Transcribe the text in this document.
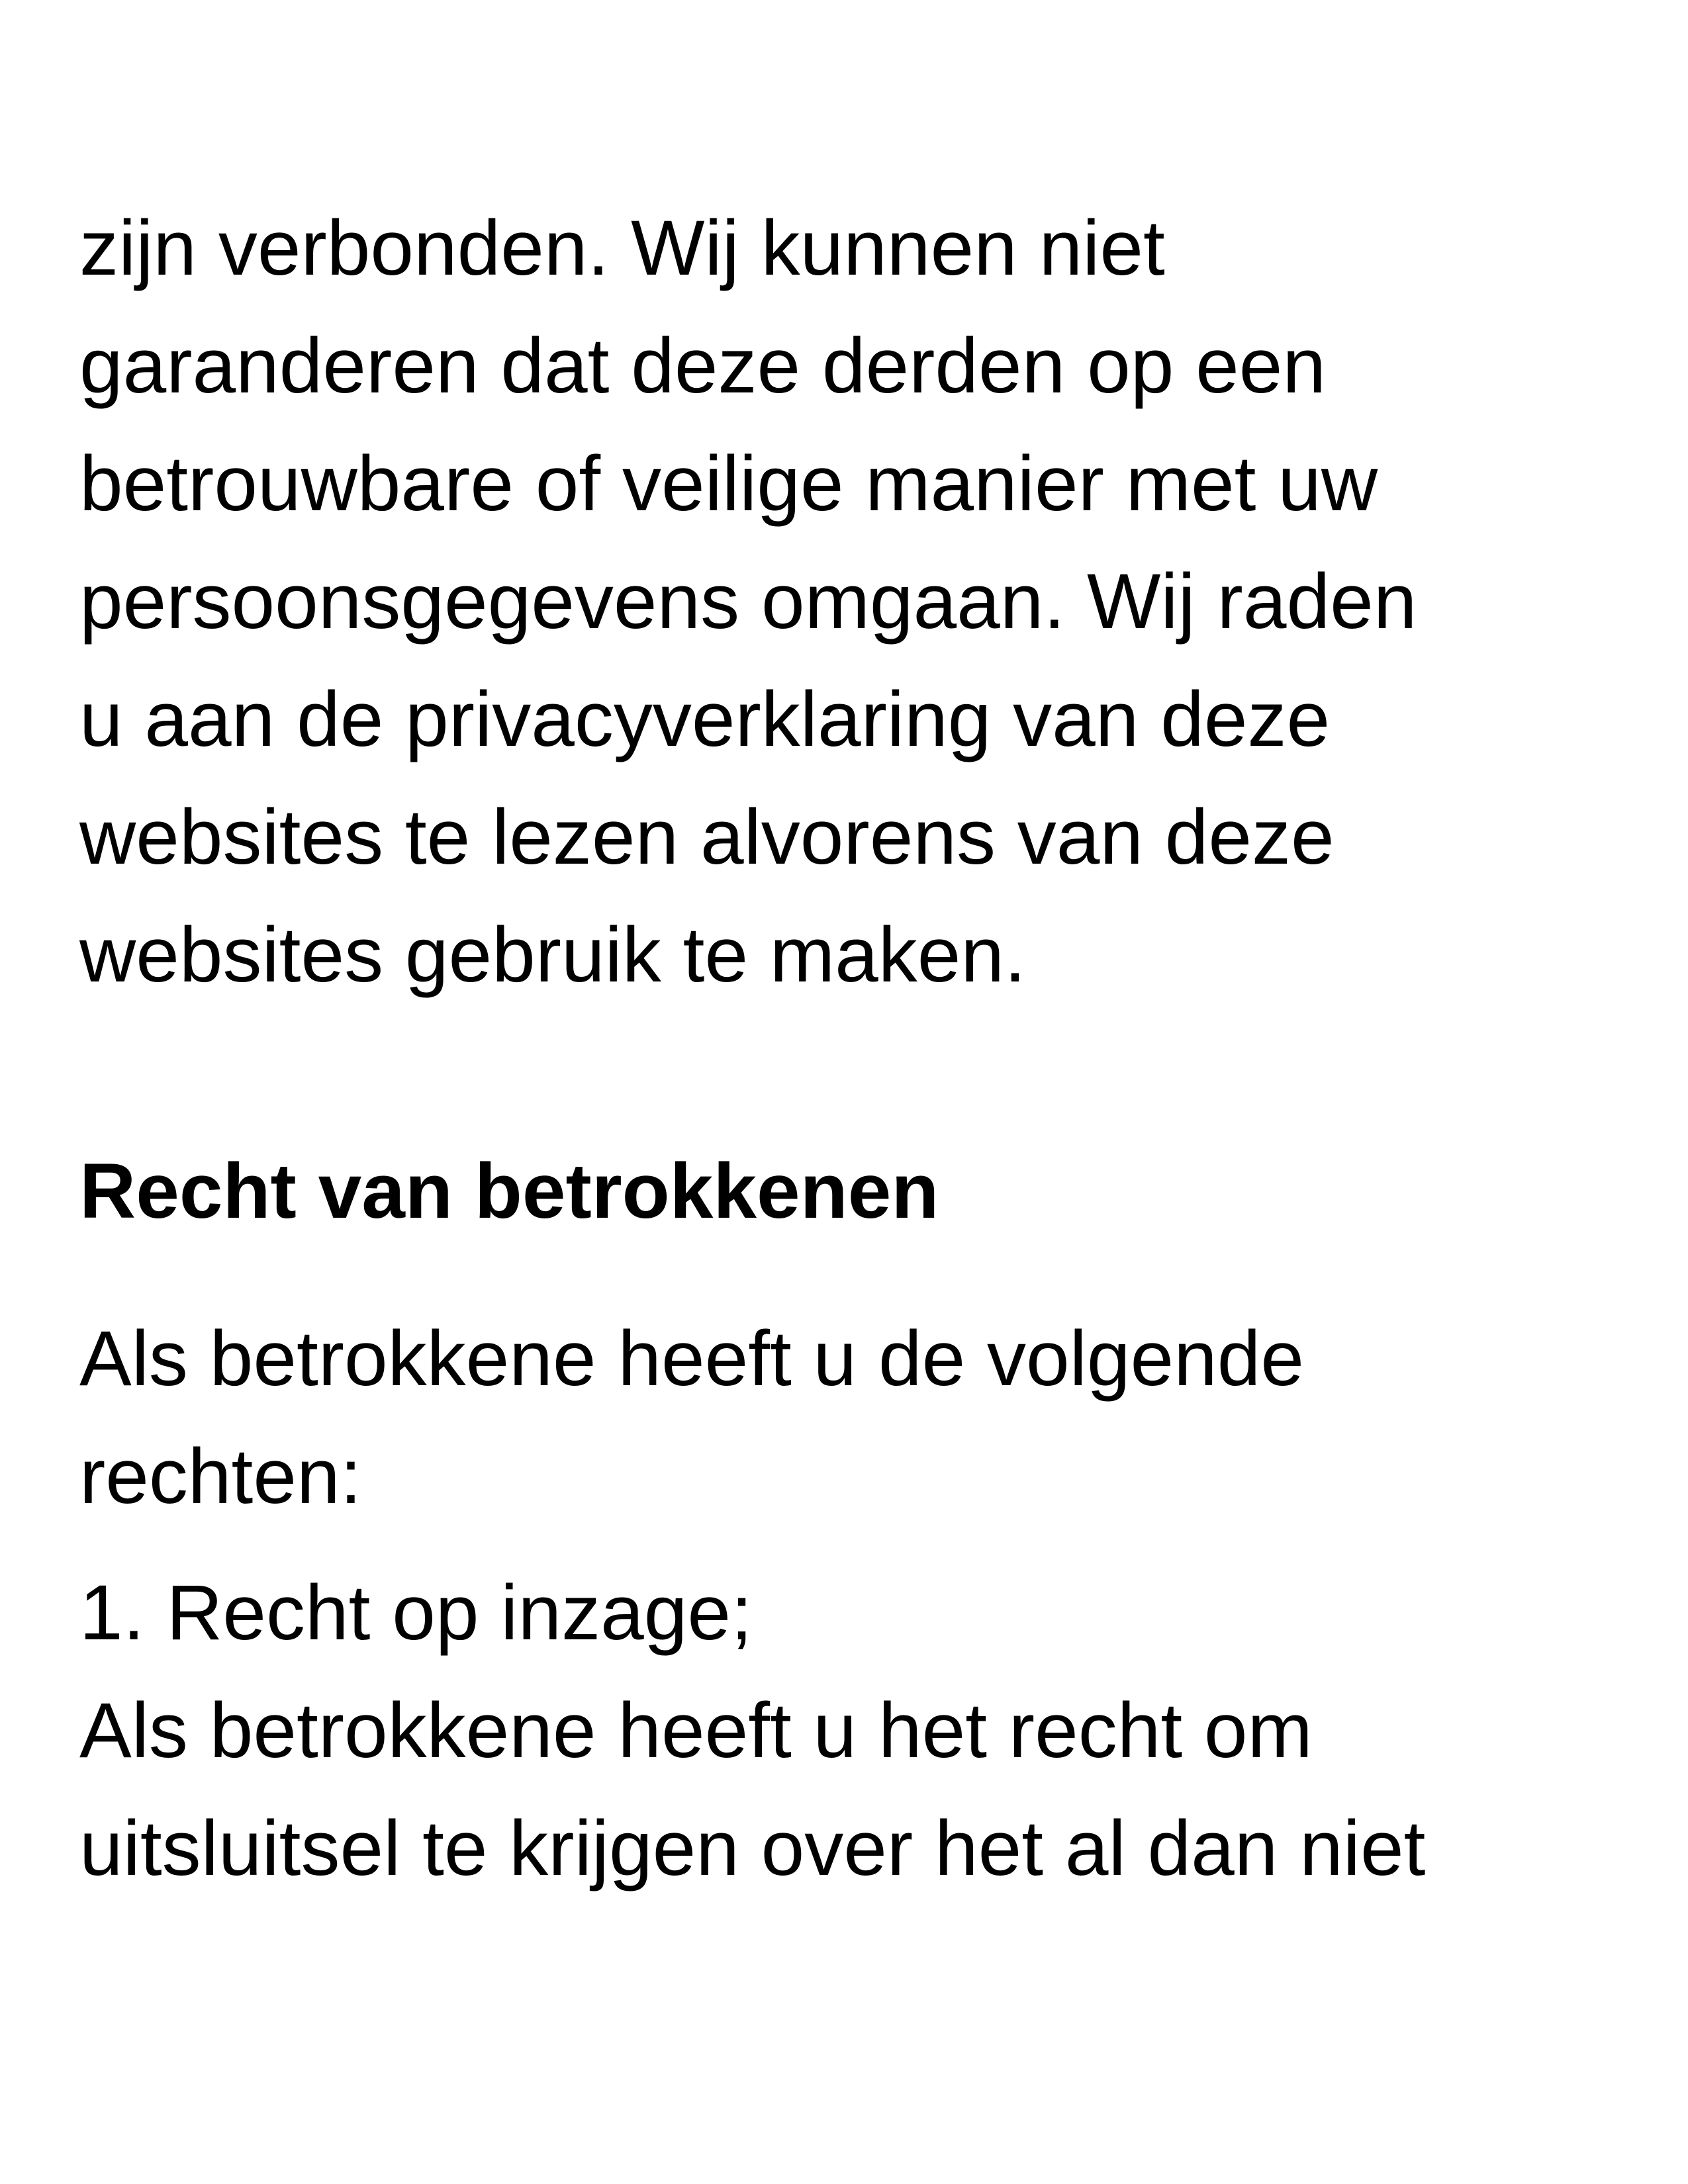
zijn verbonden. Wij kunnen niet
garanderen dat deze derden op een
betrouwbare of veilige manier met uw
persoonsgegevens omgaan. Wij raden
u aan de privacyverklaring van deze
websites te lezen alvorens van deze
websites gebruik te maken.
Recht van betrokkenen
Als betrokkene heeft u de volgende
rechten:
1. Recht op inzage;
Als betrokkene heeft u het recht om
uitsluitsel te krijgen over het al dan niet
